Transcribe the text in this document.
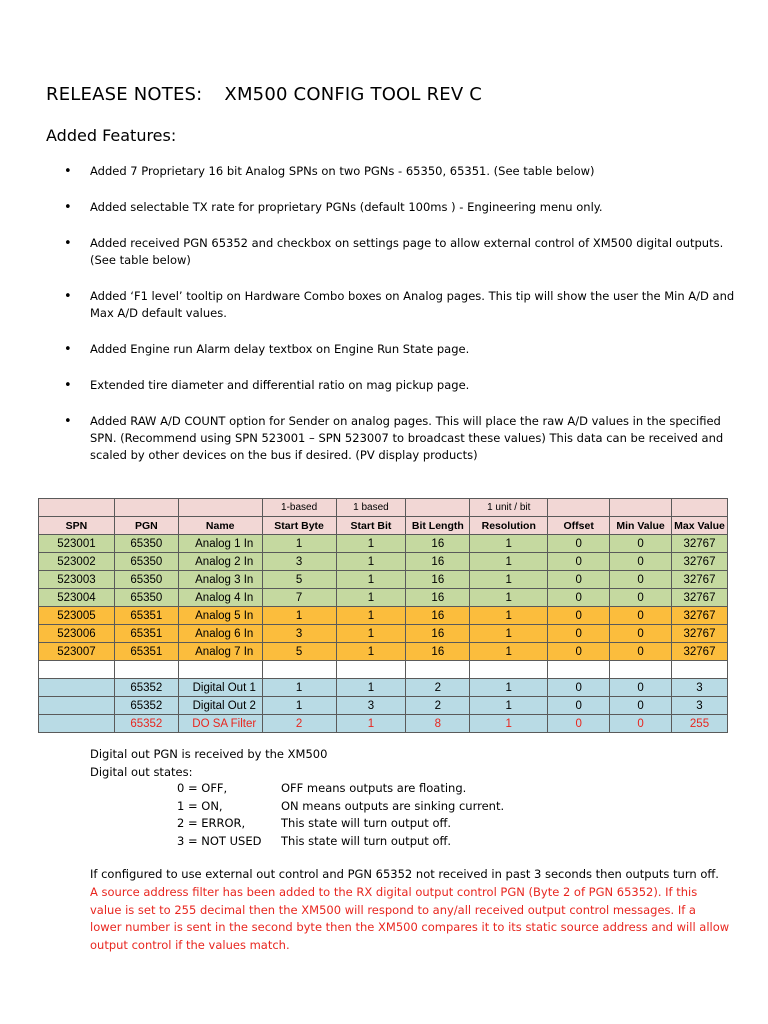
RELEASE NOTES: XM500 CONFIG TOOL REV C
Added Features:
• Added 7 Proprietary 16 bit Analog SPNs on two PGNs - 65350, 65351. (See table below)
• Added selectable TX rate for proprietary PGNs (default 100ms ) - Engineering menu only.
• Added received PGN 65352 and checkbox on settings page to allow external control of XM500 digital outputs. (See table below)
• Added ‘F1 level’ tooltip on Hardware Combo boxes on Analog pages. This tip will show the user the Min A/D and Max A/D default values.
• Added Engine run Alarm delay textbox on Engine Run State page.
• Extended tire diameter and differential ratio on mag pickup page.
• Added RAW A/D COUNT option for Sender on analog pages. This will place the raw A/D values in the specified SPN. (Recommend using SPN 523001 – SPN 523007 to broadcast these values) This data can be received and scaled by other devices on the bus if desired. (PV display products)
			1-based	1 based		1 unit / bit			
SPN	PGN	Name	Start Byte	Start Bit	Bit Length	Resolution	Offset	Min Value	Max Value
523001	65350	Analog 1 In	1	1	16	1	0	0	32767
523002	65350	Analog 2 In	3	1	16	1	0	0	32767
523003	65350	Analog 3 In	5	1	16	1	0	0	32767
523004	65350	Analog 4 In	7	1	16	1	0	0	32767
523005	65351	Analog 5 In	1	1	16	1	0	0	32767
523006	65351	Analog 6 In	3	1	16	1	0	0	32767
523007	65351	Analog 7 In	5	1	16	1	0	0	32767

	65352	Digital Out 1	1	1	2	1	0	0	3
	65352	Digital Out 2	1	3	2	1	0	0	3
	65352	DO SA Filter	2	1	8	1	0	0	255
Digital out PGN is received by the XM500
Digital out states:
0 = OFF,	OFF means outputs are floating.
1 = ON,	ON means outputs are sinking current.
2 = ERROR,	This state will turn output off.
3 = NOT USED	This state will turn output off.
If configured to use external out control and PGN 65352 not received in past 3 seconds then outputs turn off.
A source address filter has been added to the RX digital output control PGN (Byte 2 of PGN 65352). If this value is set to 255 decimal then the XM500 will respond to any/all received output control messages. If a lower number is sent in the second byte then the XM500 compares it to its static source address and will allow output control if the values match.
